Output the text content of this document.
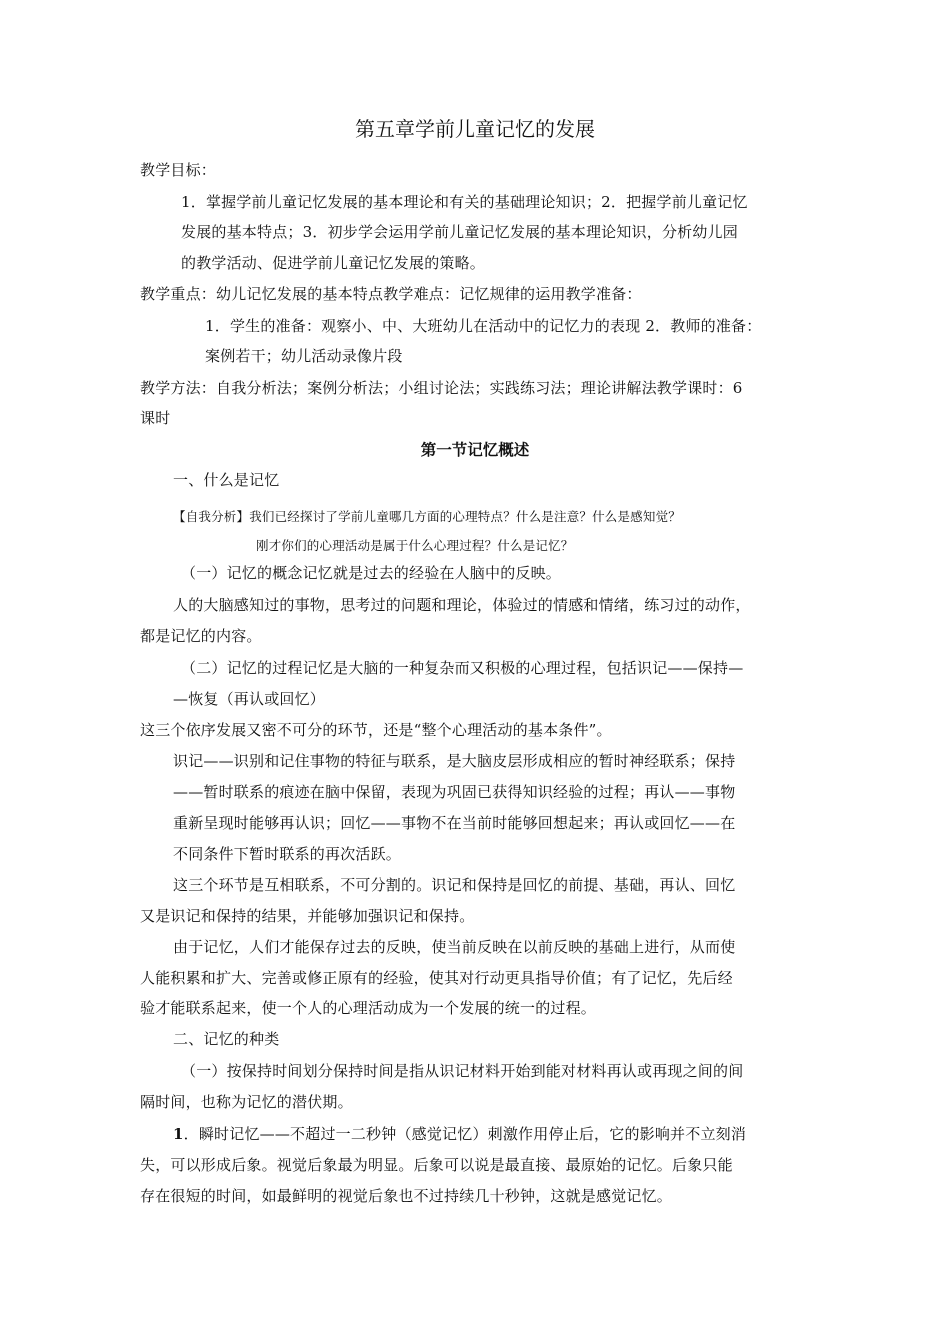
第五章学前儿童记忆的发展

教学目标：

1．掌握学前儿童记忆发展的基本理论和有关的基础理论知识；2．把握学前儿童记忆

发展的基本特点；3．初步学会运用学前儿童记忆发展的基本理论知识，分析幼儿园

的教学活动、促进学前儿童记忆发展的策略。

教学重点：幼儿记忆发展的基本特点教学难点：记忆规律的运用教学准备：

1．学生的准备：观察小、中、大班幼儿在活动中的记忆力的表现 2．教师的准备：

案例若干；幼儿活动录像片段

教学方法：自我分析法；案例分析法；小组讨论法；实践练习法；理论讲解法教学课时：6

课时

第一节记忆概述

一、什么是记忆

【自我分析】我们已经探讨了学前儿童哪几方面的心理特点？什么是注意？什么是感知觉？

刚才你们的心理活动是属于什么心理过程？什么是记忆？

（一）记忆的概念记忆就是过去的经验在人脑中的反映。

人的大脑感知过的事物，思考过的问题和理论，体验过的情感和情绪，练习过的动作，

都是记忆的内容。

（二）记忆的过程记忆是大脑的一种复杂而又积极的心理过程，包括识记——保持—

—恢复（再认或回忆）

这三个依序发展又密不可分的环节，还是“整个心理活动的基本条件”。

识记——识别和记住事物的特征与联系，是大脑皮层形成相应的暂时神经联系；保持

——暂时联系的痕迹在脑中保留，表现为巩固已获得知识经验的过程；再认——事物

重新呈现时能够再认识；回忆——事物不在当前时能够回想起来；再认或回忆——在

不同条件下暂时联系的再次活跃。

这三个环节是互相联系，不可分割的。识记和保持是回忆的前提、基础，再认、回忆

又是识记和保持的结果，并能够加强识记和保持。

由于记忆，人们才能保存过去的反映，使当前反映在以前反映的基础上进行，从而使

人能积累和扩大、完善或修正原有的经验，使其对行动更具指导价值；有了记忆，先后经

验才能联系起来，使一个人的心理活动成为一个发展的统一的过程。

二、记忆的种类

（一）按保持时间划分保持时间是指从识记材料开始到能对材料再认或再现之间的间

隔时间，也称为记忆的潜伏期。

1．瞬时记忆——不超过一二秒钟（感觉记忆）刺激作用停止后，它的影响并不立刻消

失，可以形成后象。视觉后象最为明显。后象可以说是最直接、最原始的记忆。后象只能

存在很短的时间，如最鲜明的视觉后象也不过持续几十秒钟，这就是感觉记忆。
